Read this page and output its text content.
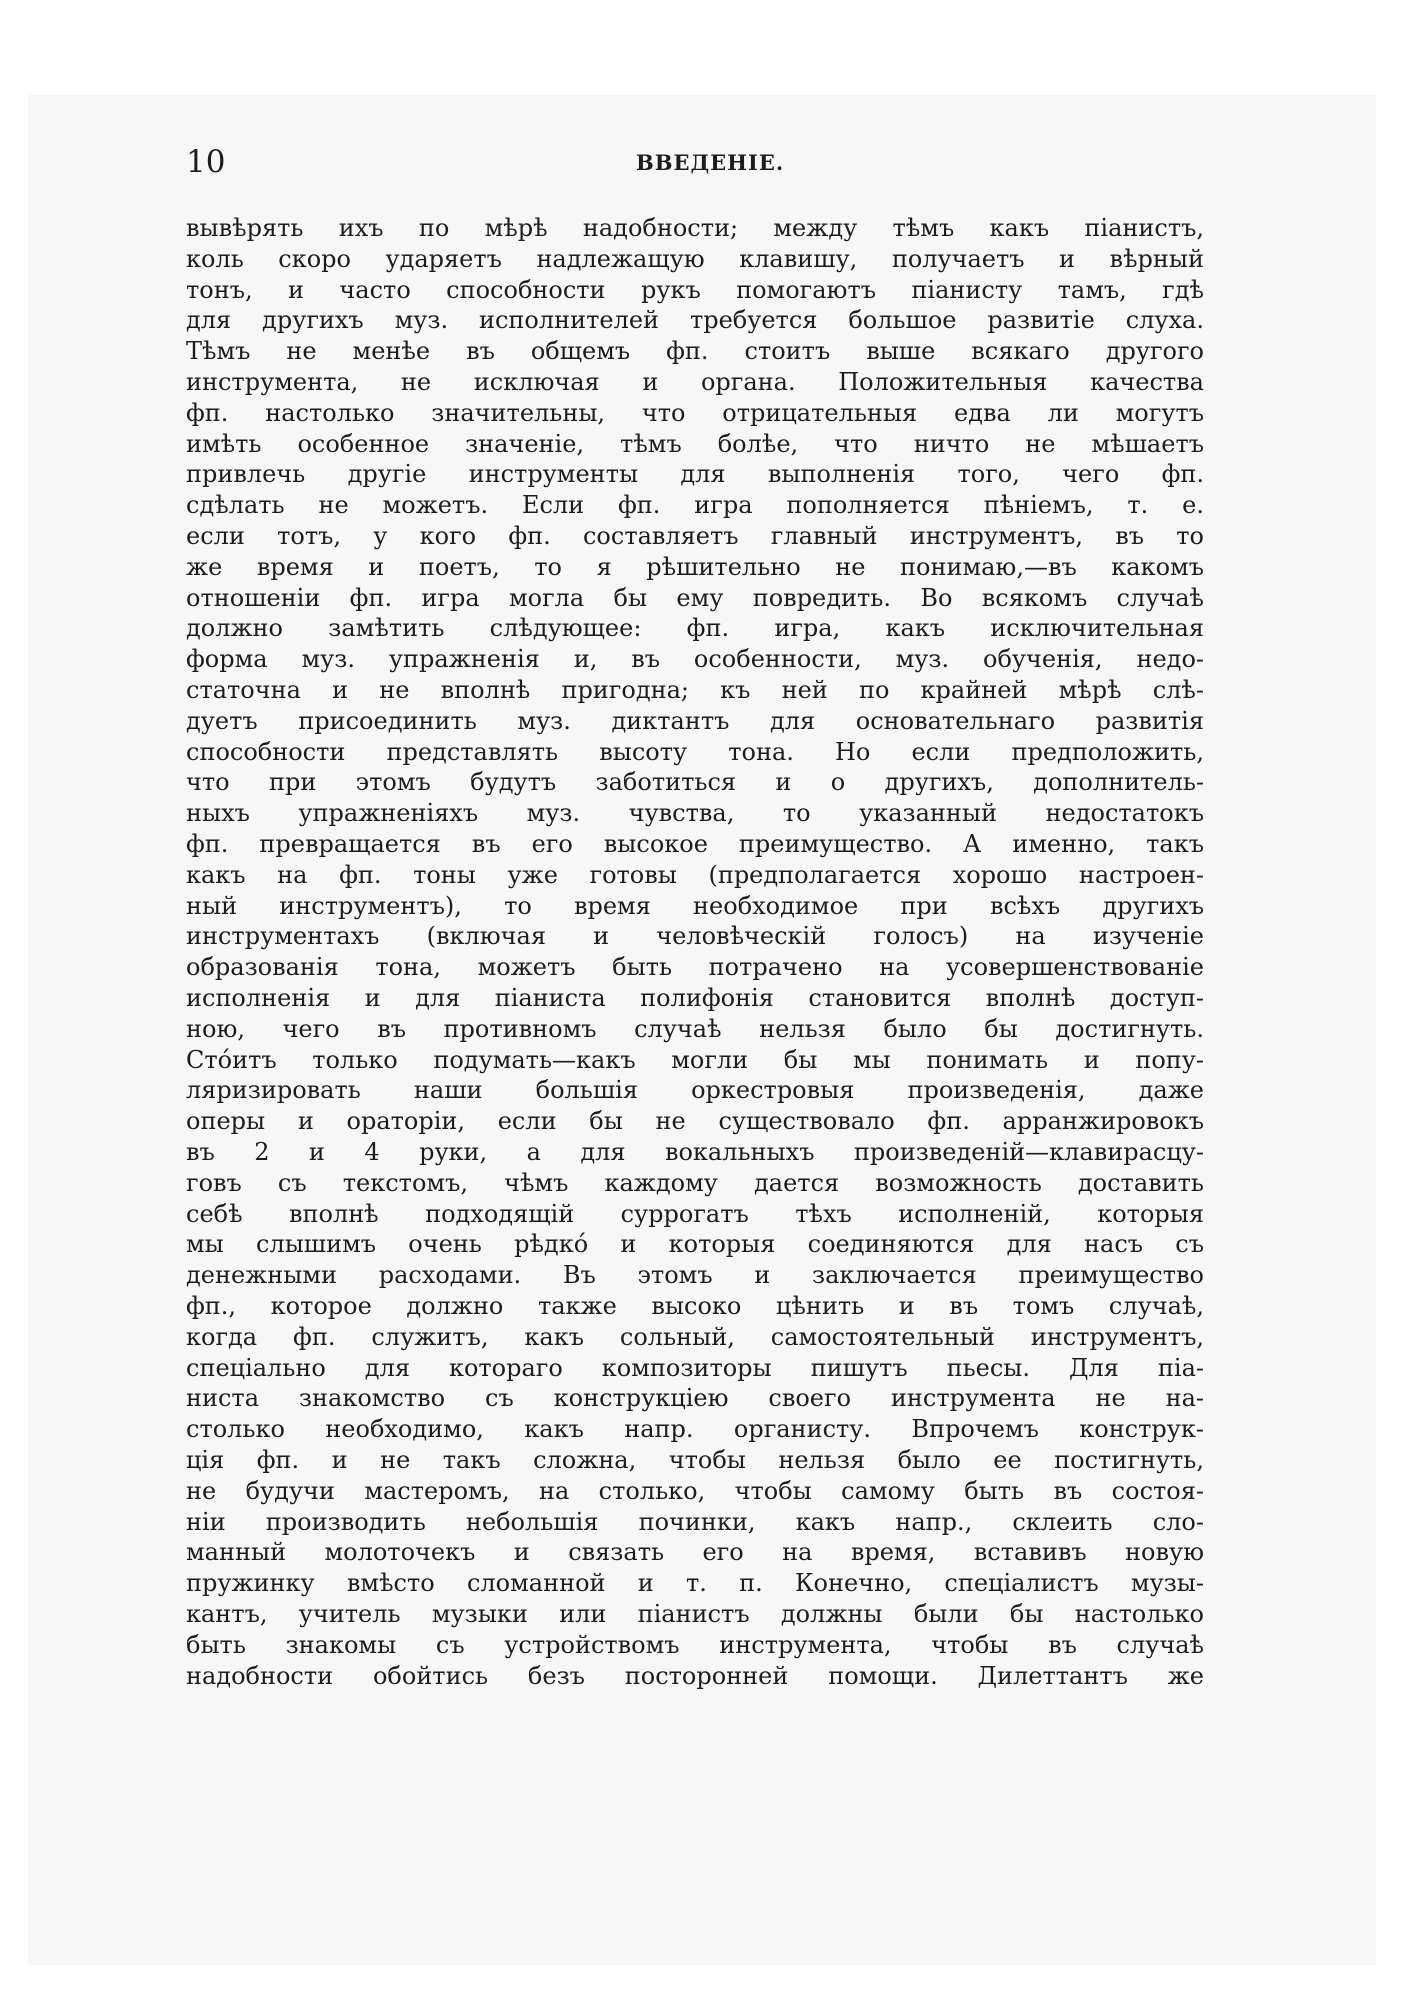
10	ВВЕДЕНІЕ.

вывѣрять ихъ по мѣрѣ надобности; между тѣмъ какъ піанистъ,

коль скоро ударяетъ надлежащую клавишу, получаетъ и вѣрный

тонъ, и часто способности рукъ помогаютъ піанисту тамъ, гдѣ

для другихъ муз. исполнителей требуется большое развитіе слуха.

Тѣмъ не менѣе въ общемъ фп. стоитъ выше всякаго другого

инструмента, не исключая и органа. Положительныя качества

фп. настолько значительны, что отрицательныя едва ли могутъ

имѣть особенное значеніе, тѣмъ болѣе, что ничто не мѣшаетъ

привлечь другіе инструменты для выполненія того, чего фп.

сдѣлать не можетъ. Если фп. игра пополняется пѣніемъ, т. е.

если тотъ, у кого фп. составляетъ главный инструментъ, въ то

же время и поетъ, то я рѣшительно не понимаю,—въ какомъ

отношеніи фп. игра могла бы ему повредить. Во всякомъ случаѣ

должно замѣтить слѣдующее: фп. игра, какъ исключительная

форма муз. упражненія и, въ особенности, муз. обученія, недо-

статочна и не вполнѣ пригодна; къ ней по крайней мѣрѣ слѣ-

дуетъ присоединить муз. диктантъ для основательнаго развитія

способности представлять высоту тона. Но если предположить,

что при этомъ будутъ заботиться и о другихъ, дополнитель-

ныхъ упражненіяхъ муз. чувства, то указанный недостатокъ

фп. превращается въ его высокое преимущество. А именно, такъ

какъ на фп. тоны уже готовы (предполагается хорошо настроен-

ный инструментъ), то время необходимое при всѣхъ другихъ

инструментахъ (включая и человѣческій голосъ) на изученіе

образованія тона, можетъ быть потрачено на усовершенствованіе

исполненія и для піаниста полифонія становится вполнѣ доступ-

ною, чего въ противномъ случаѣ нельзя было бы достигнуть.

Стóитъ только подумать—какъ могли бы мы понимать и попу-

ляризировать наши большія оркестровыя произведенія, даже

оперы и ораторіи, если бы не существовало фп. арранжировокъ

въ 2 и 4 руки, а для вокальныхъ произведеній—клавирасцу-

говъ съ текстомъ, чѣмъ каждому дается возможность доставить

себѣ вполнѣ подходящій суррогатъ тѣхъ исполненій, которыя

мы слышимъ очень рѣдкó и которыя соединяются для насъ съ

денежными расходами. Въ этомъ и заключается преимущество

фп., которое должно также высоко цѣнить и въ томъ случаѣ,

когда фп. служитъ, какъ сольный, самостоятельный инструментъ,

спеціально для котораго композиторы пишутъ пьесы. Для піа-

ниста знакомство съ конструкціею своего инструмента не на-

столько необходимо, какъ напр. органисту. Впрочемъ конструк-

ція фп. и не такъ сложна, чтобы нельзя было ее постигнуть,

не будучи мастеромъ, на столько, чтобы самому быть въ состоя-

ніи производить небольшія починки, какъ напр., склеить сло-

манный молоточекъ и связать его на время, вставивъ новую

пружинку вмѣсто сломанной и т. п. Конечно, спеціалистъ музы-

кантъ, учитель музыки или піанистъ должны были бы настолько

быть знакомы съ устройствомъ инструмента, чтобы въ случаѣ

надобности обойтись безъ посторонней помощи. Дилеттантъ же
